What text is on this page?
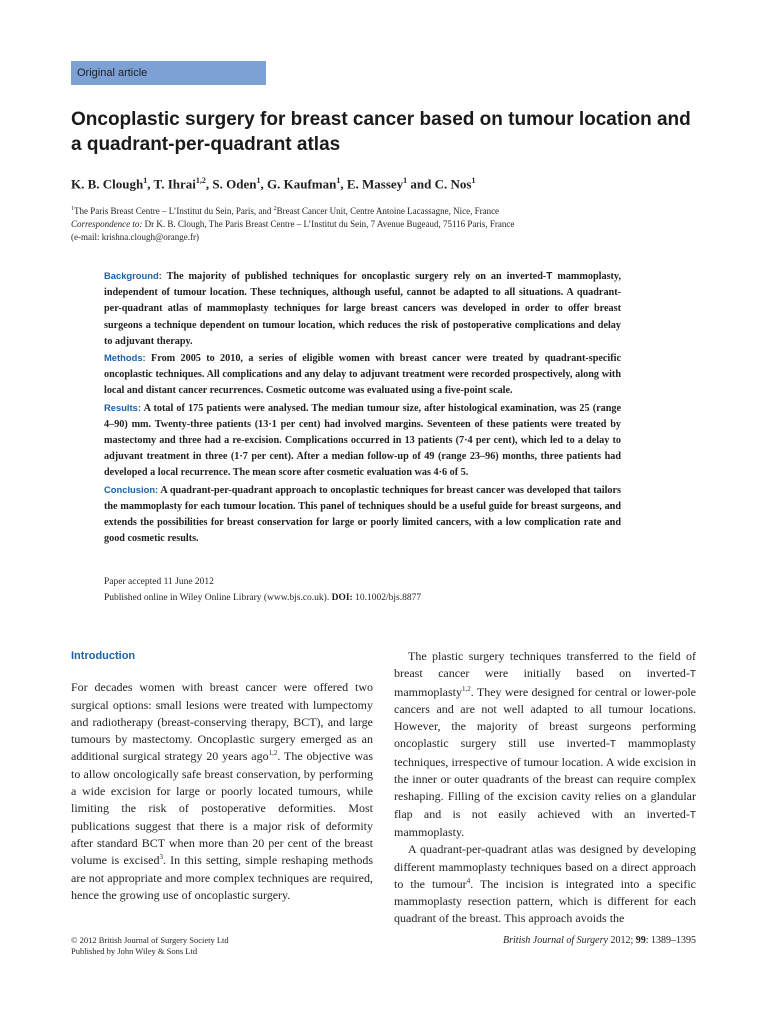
Original article
Oncoplastic surgery for breast cancer based on tumour location and a quadrant-per-quadrant atlas
K. B. Clough$^1$, T. Ihrai$^{1,2}$, S. Oden$^1$, G. Kaufman$^1$, E. Massey$^1$ and C. Nos$^1$
$^1$The Paris Breast Centre – L’Institut du Sein, Paris, and $^2$Breast Cancer Unit, Centre Antoine Lacassagne, Nice, France
Correspondence to: Dr K. B. Clough, The Paris Breast Centre – L’Institut du Sein, 7 Avenue Bugeaud, 75116 Paris, France
(e-mail: krishna.clough@orange.fr)

Background: The majority of published techniques for oncoplastic surgery rely on an inverted-T mammoplasty, independent of tumour location. These techniques, although useful, cannot be adapted to all situations. A quadrant-per-quadrant atlas of mammoplasty techniques for large breast cancers was developed in order to offer breast surgeons a technique dependent on tumour location, which reduces the risk of postoperative complications and delay to adjuvant therapy.

Methods: From 2005 to 2010, a series of eligible women with breast cancer were treated by quadrant-specific oncoplastic techniques. All complications and any delay to adjuvant treatment were recorded prospectively, along with local and distant cancer recurrences. Cosmetic outcome was evaluated using a five-point scale.

Results: A total of 175 patients were analysed. The median tumour size, after histological examination, was 25 (range 4–90) mm. Twenty-three patients (13·1 per cent) had involved margins. Seventeen of these patients were treated by mastectomy and three had a re-excision. Complications occurred in 13 patients (7·4 per cent), which led to a delay to adjuvant treatment in three (1·7 per cent). After a median follow-up of 49 (range 23–96) months, three patients had developed a local recurrence. The mean score after cosmetic evaluation was 4·6 of 5.

Conclusion: A quadrant-per-quadrant approach to oncoplastic techniques for breast cancer was developed that tailors the mammoplasty for each tumour location. This panel of techniques should be a useful guide for breast surgeons, and extends the possibilities for breast conservation for large or poorly limited cancers, with a low complication rate and good cosmetic results.

Paper accepted 11 June 2012

Published online in Wiley Online Library (www.bjs.co.uk). DOI: 10.1002/bjs.8877

Introduction

For decades women with breast cancer were offered two surgical options: small lesions were treated with lumpectomy and radiotherapy (breast-conserving therapy, BCT), and large tumours by mastectomy. Oncoplastic surgery emerged as an additional surgical strategy 20 years ago$^{1,2}$. The objective was to allow oncologically safe breast conservation, by performing a wide excision for large or poorly located tumours, while limiting the risk of postoperative deformities. Most publications suggest that there is a major risk of deformity after standard BCT when more than 20 per cent of the breast volume is excised$^3$. In this setting, simple reshaping methods are not appropriate and more complex techniques are required, hence the growing use of oncoplastic surgery.

The plastic surgery techniques transferred to the field of breast cancer were initially based on inverted-T mammoplasty$^{1,2}$. They were designed for central or lower-pole cancers and are not well adapted to all tumour locations. However, the majority of breast surgeons performing oncoplastic surgery still use inverted-T mammoplasty techniques, irrespective of tumour location. A wide excision in the inner or outer quadrants of the breast can require complex reshaping. Filling of the excision cavity relies on a glandular flap and is not easily achieved with an inverted-T mammoplasty.

A quadrant-per-quadrant atlas was designed by developing different mammoplasty techniques based on a direct approach to the tumour$^4$. The incision is integrated into a specific mammoplasty resection pattern, which is different for each quadrant of the breast. This approach avoids the

© 2012 British Journal of Surgery Society Ltd

Published by John Wiley & Sons Ltd

British Journal of Surgery 2012; 99: 1389–1395
